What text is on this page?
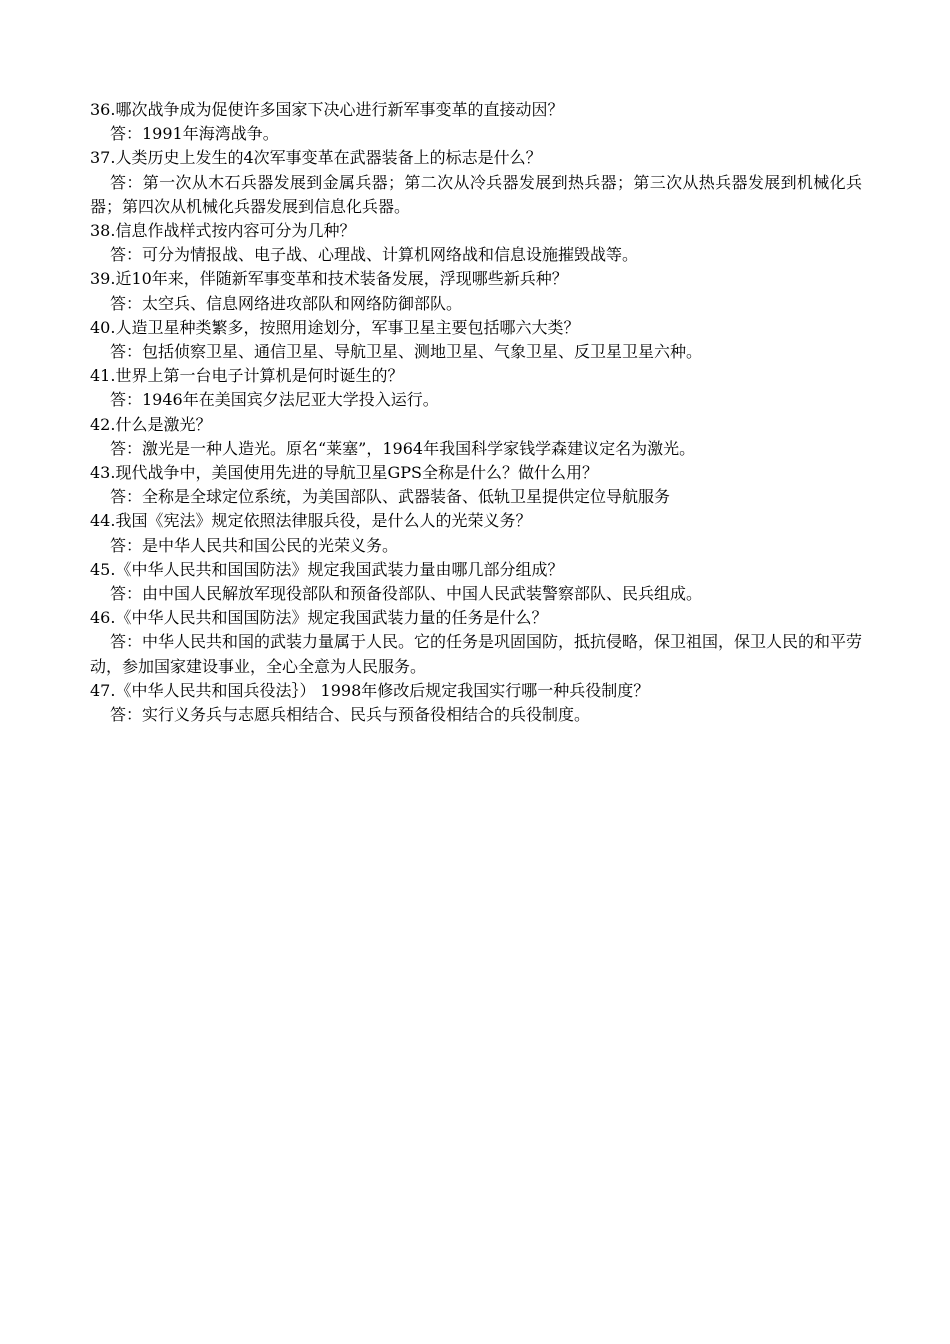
36.哪次战争成为促使许多国家下决心进行新军事变革的直接动因？

答：1991年海湾战争。

37.人类历史上发生的4次军事变革在武器装备上的标志是什么？

答：第一次从木石兵器发展到金属兵器；第二次从冷兵器发展到热兵器；第三次从热兵器发展到机械化兵器；第四次从机械化兵器发展到信息化兵器。

38.信息作战样式按内容可分为几种？

答：可分为情报战、电子战、心理战、计算机网络战和信息设施摧毁战等。

39.近10年来，伴随新军事变革和技术装备发展，浮现哪些新兵种？

答：太空兵、信息网络进攻部队和网络防御部队。

40.人造卫星种类繁多，按照用途划分，军事卫星主要包括哪六大类？

答：包括侦察卫星、通信卫星、导航卫星、测地卫星、气象卫星、反卫星卫星六种。

41.世界上第一台电子计算机是何时诞生的？

答：1946年在美国宾夕法尼亚大学投入运行。

42.什么是激光？

答：激光是一种人造光。原名“莱塞”，1964年我国科学家钱学森建议定名为激光。

43.现代战争中，美国使用先进的导航卫星GPS全称是什么？做什么用？

答：全称是全球定位系统，为美国部队、武器装备、低轨卫星提供定位导航服务

44.我国《宪法》规定依照法律服兵役，是什么人的光荣义务？

答：是中华人民共和国公民的光荣义务。

45.《中华人民共和国国防法》规定我国武装力量由哪几部分组成？

答：由中国人民解放军现役部队和预备役部队、中国人民武装警察部队、民兵组成。

46.《中华人民共和国国防法》规定我国武装力量的任务是什么？

答：中华人民共和国的武装力量属于人民。它的任务是巩固国防，抵抗侵略，保卫祖国，保卫人民的和平劳动，参加国家建设事业，全心全意为人民服务。

47.《中华人民共和国兵役法｝） 1998年修改后规定我国实行哪一种兵役制度？

答：实行义务兵与志愿兵相结合、民兵与预备役相结合的兵役制度。
